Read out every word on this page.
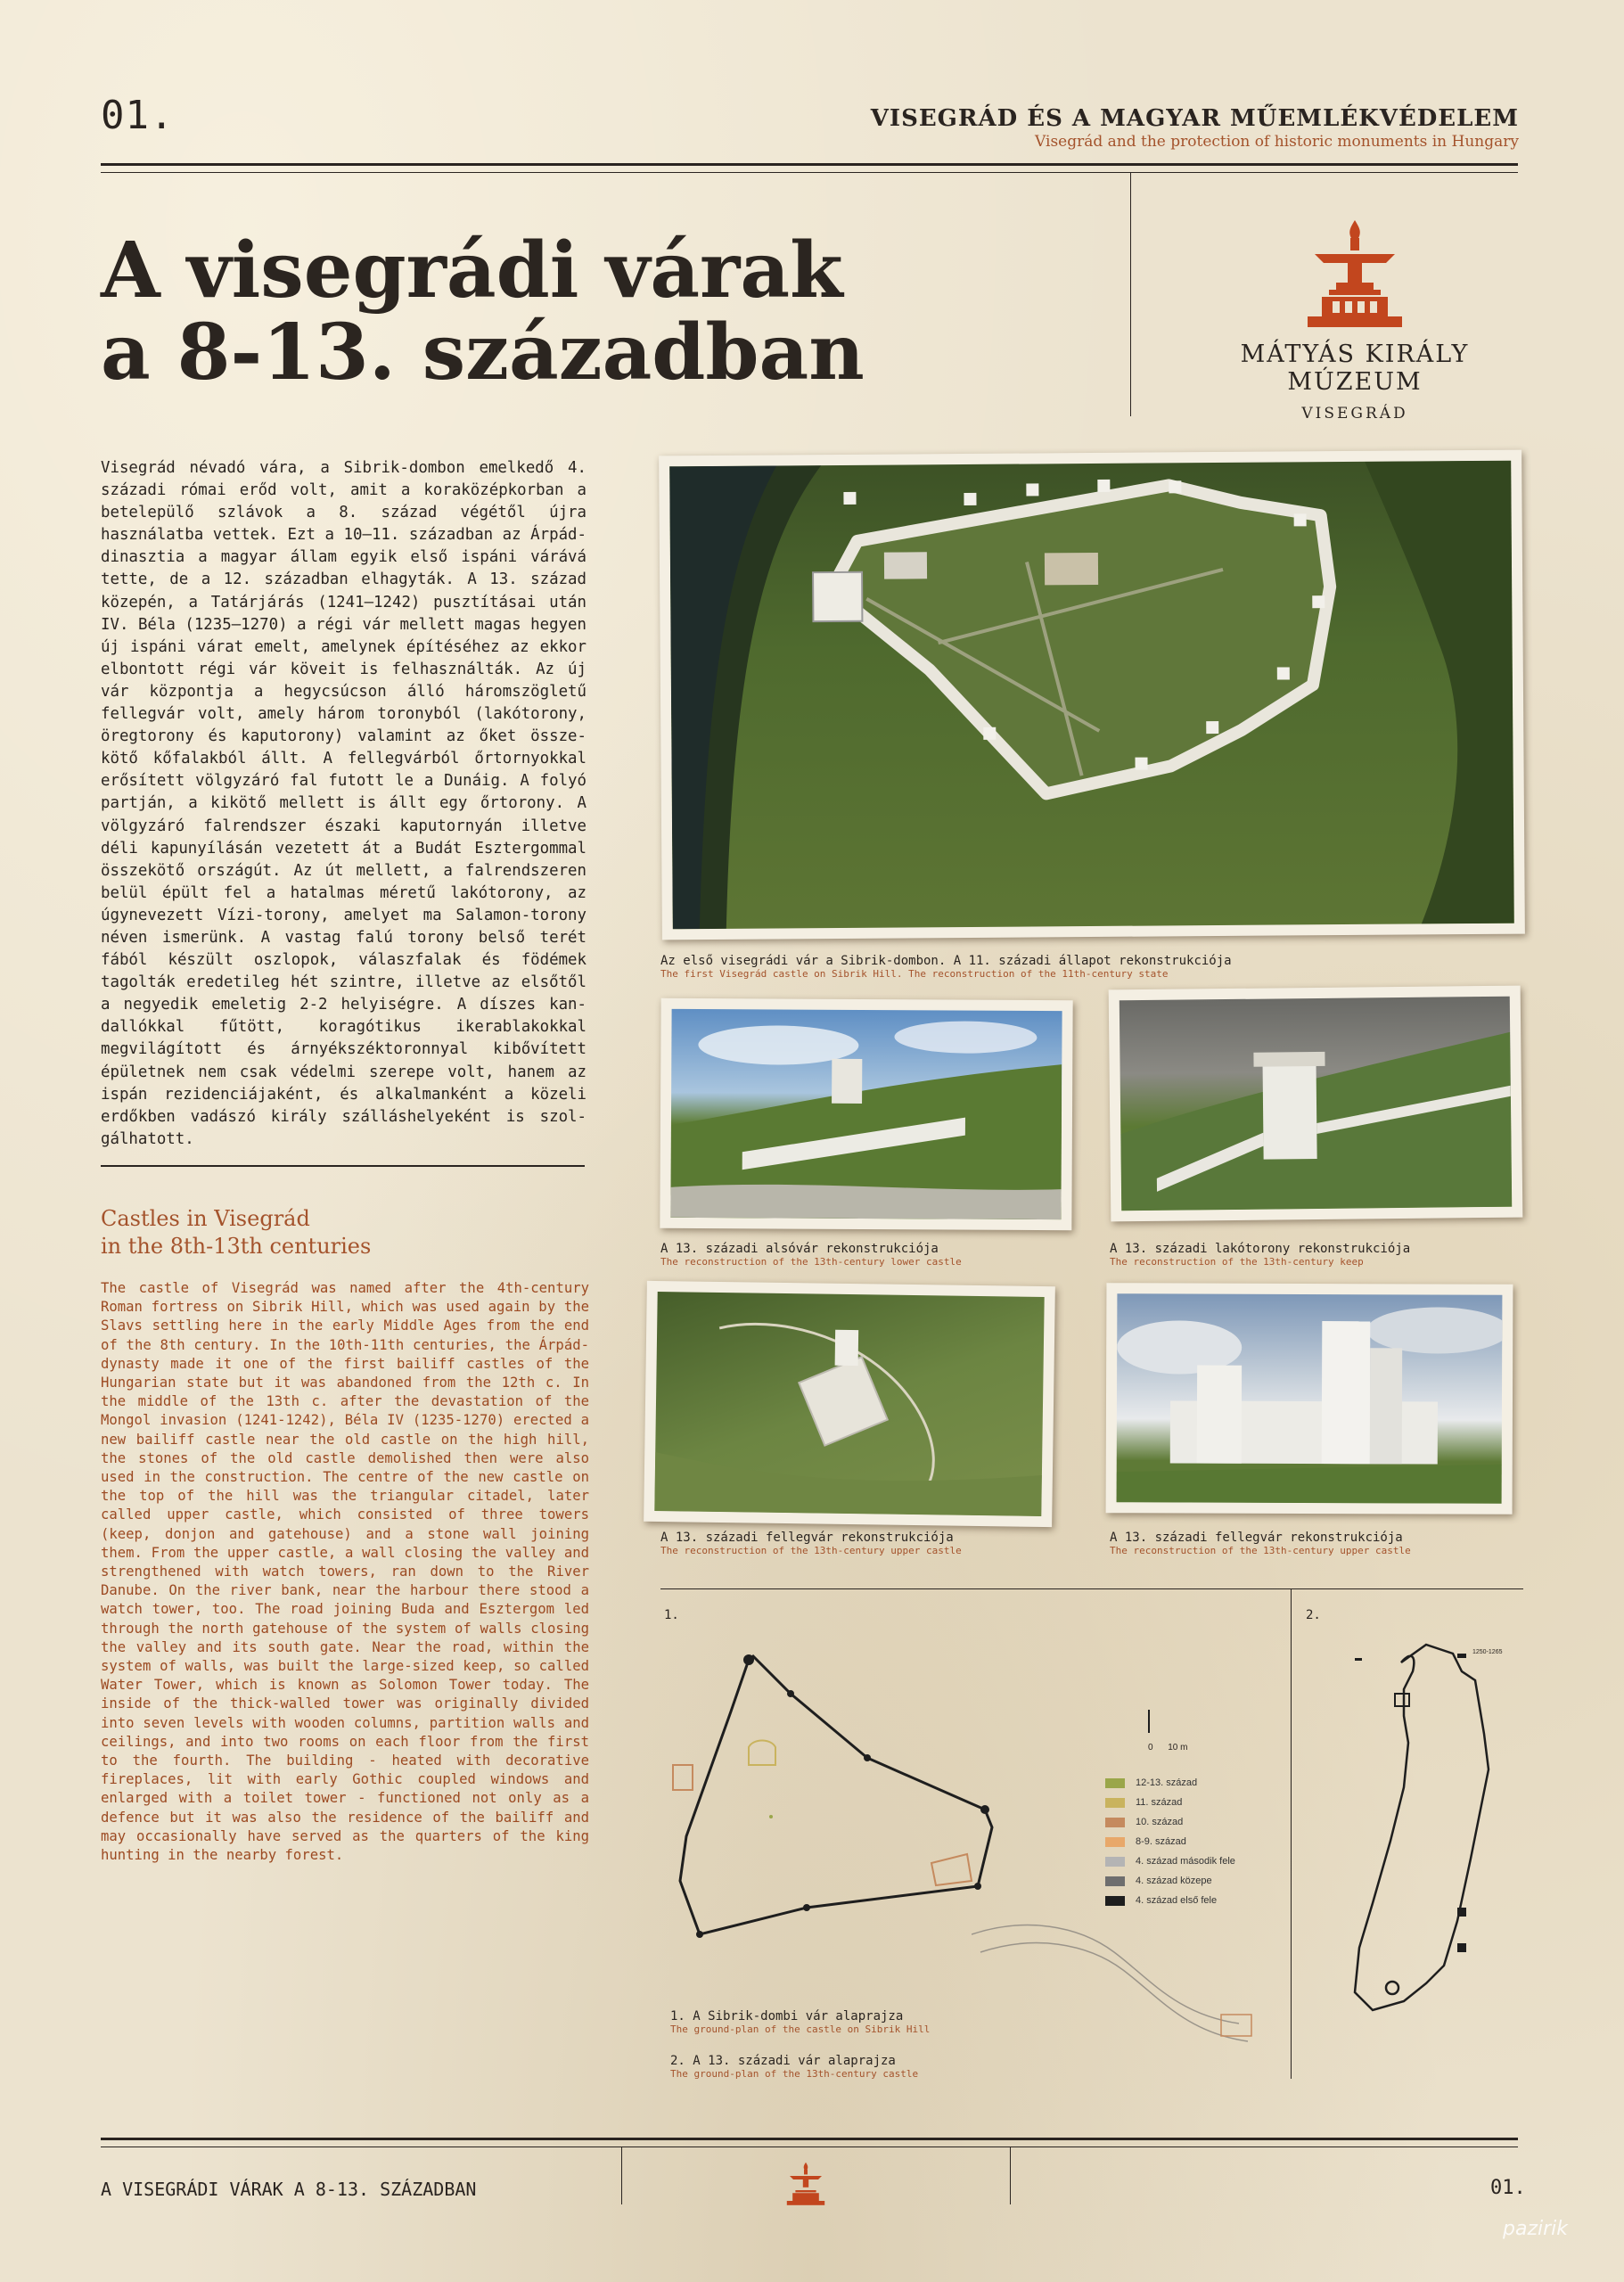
01.	VISEGRÁD ÉS A MAGYAR MŰEMLÉKVÉDELEM
Visegrád and the protection of historic monuments in Hungary
A visegrádi várak
a 8-13. században	MÁTYÁS KIRÁLY MÚZEUM
VISEGRÁD
Visegrád névadó vára, a Sibrik-dombon emelkedő 4. századi római erőd volt, amit a koraközépkorban a betelepülő szlávok a 8. század végétől újra használatba vettek. Ezt a 10–11. században az Árpád-dinasztia a magyar állam egyik első ispáni várává tette, de a 12. században elhagyták. A 13. század közepén, a Tatárjárás (1241–1242) pusztításai után IV. Béla (1235–1270) a régi vár mellett magas hegyen új ispáni várat emelt, amelynek építéséhez az ekkor elbontott régi vár köveit is felhasználták. Az új vár központja a hegycsúcson álló háromszögletű fellegvár volt, amely három toronyból (lakótorony, öregtorony és kaputorony) valamint az őket össze-kötő kőfalakból állt. A fellegvárból őrtornyokkal erősített völgyzáró fal futott le a Dunáig. A folyó partján, a kikötő mellett is állt egy őrtorony. A völgyzáró falrendszer északi kaputornyán illetve déli kapunyílásán vezetett át a Budát Esztergommal összekötő országút. Az út mellett, a falrendszeren belül épült fel a hatalmas méretű lakótorony, az úgynevezett Vízi-torony, amelyet ma Salamon-torony néven ismerünk. A vastag falú torony belső terét fából készült oszlopok, válaszfalak és födémek tagolták eredetileg hét szintre, illetve az elsőtől a negyedik emeletig 2-2 helyiségre. A díszes kan-dallókkal fűtött, koragótikus ikerablakokkal megvilágított és árnyékszéktoronnyal kibővített épületnek nem csak védelmi szerepe volt, hanem az ispán rezidenciájaként, és alkalmanként a közeli erdőkben vadászó király szálláshelyeként is szol-gálhatott.
Castles in Visegrád
in the 8th-13th centuries
The castle of Visegrád was named after the 4th-century Roman fortress on Sibrik Hill, which was used again by the Slavs settling here in the early Middle Ages from the end of the 8th century. In the 10th-11th centuries, the Árpád-dynasty made it one of the first bailiff castles of the Hungarian state but it was abandoned from the 12th c. In the middle of the 13th c. after the devastation of the Mongol invasion (1241-1242), Béla IV (1235-1270) erected a new bailiff castle near the old castle on the high hill, the stones of the old castle demolished then were also used in the construction. The centre of the new castle on the top of the hill was the triangular citadel, later called upper castle, which consisted of three towers (keep, donjon and gatehouse) and a stone wall joining them. From the upper castle, a wall closing the valley and strengthened with watch towers, ran down to the River Danube. On the river bank, near the harbour there stood a watch tower, too. The road joining Buda and Esztergom led through the north gatehouse of the system of walls closing the valley and its south gate. Near the road, within the system of walls, was built the large-sized keep, so called Water Tower, which is known as Solomon Tower today. The inside of the thick-walled tower was originally divided into seven levels with wooden columns, partition walls and ceilings, and into two rooms on each floor from the first to the fourth. The building - heated with decorative fireplaces, lit with early Gothic coupled windows and enlarged with a toilet tower - functioned not only as a defence but it was also the residence of the bailiff and may occasionally have served as the quarters of the king hunting in the nearby forest.
Az első visegrádi vár a Sibrik-dombon. A 11. századi állapot rekonstrukciója
The first Visegrád castle on Sibrik Hill. The reconstruction of the 11th-century state
A 13. századi alsóvár rekonstrukciója
The reconstruction of the 13th-century lower castle
A 13. századi lakótorony rekonstrukciója
The reconstruction of the 13th-century keep
A 13. századi fellegvár rekonstrukciója
The reconstruction of the 13th-century upper castle
A 13. századi fellegvár rekonstrukciója
The reconstruction of the 13th-century upper castle
1.	2.
0      10 m
12-13. század
11. század
10. század
8-9. század
4. század második fele
4. század közepe
4. század első fele
1. A Sibrik-dombi vár alaprajza
The ground-plan of the castle on Sibrik Hill
2. A 13. századi vár alaprajza
The ground-plan of the 13th-century castle
1250-1265
A VISEGRÁDI VÁRAK A 8-13. SZÁZADBAN	01.
pazirik
